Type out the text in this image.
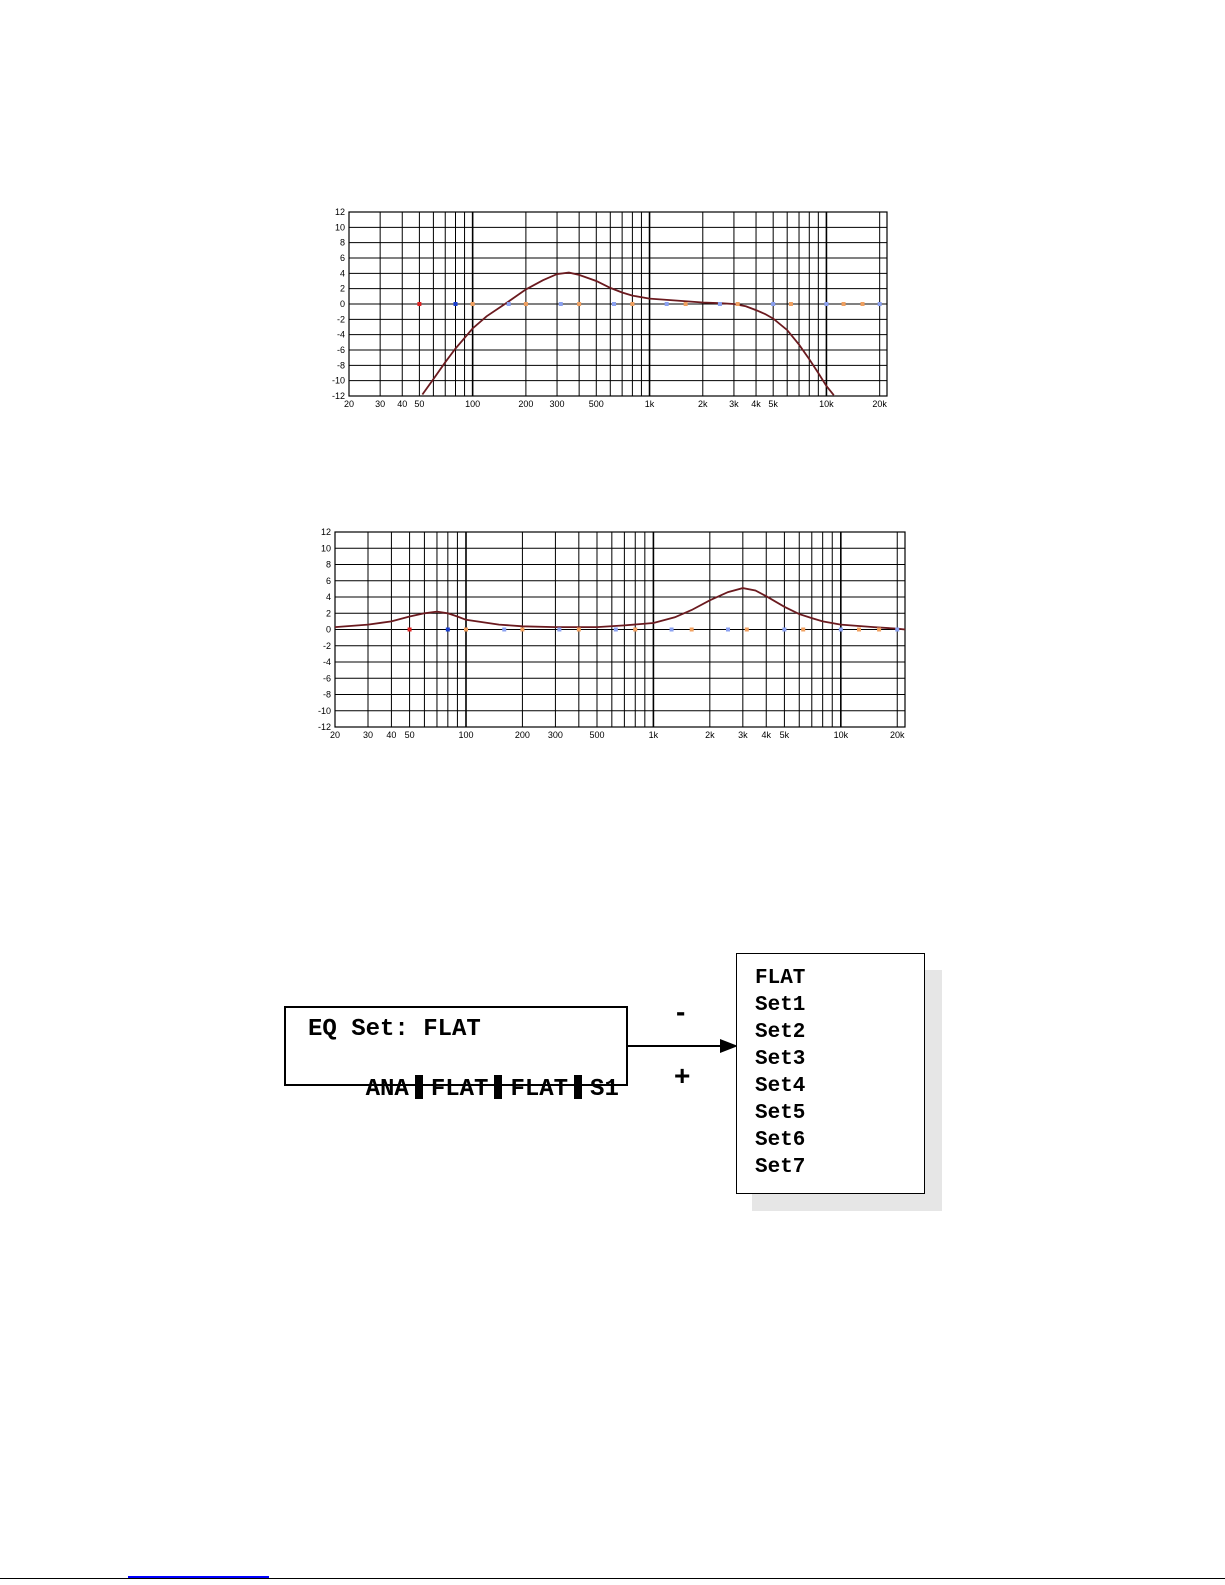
12
10
8
6
4
2
0
-2
-4
-6
-8
-10
-12
20 30 40 50	100	200 300	500	1k	2k 3k 4k 5k	10k	20k
12
10
8
6
4
2
0
-2
-4
-6
-8
-10
-12
20	30 40 50	100	200 300	500	1k	2k	3k 4k 5k	10k	20k
EQ Set: FLAT

ANA FLAT FLAT S1

-
+
FLAT
Set1
Set2
Set3
Set4
Set5
Set6
Set7
